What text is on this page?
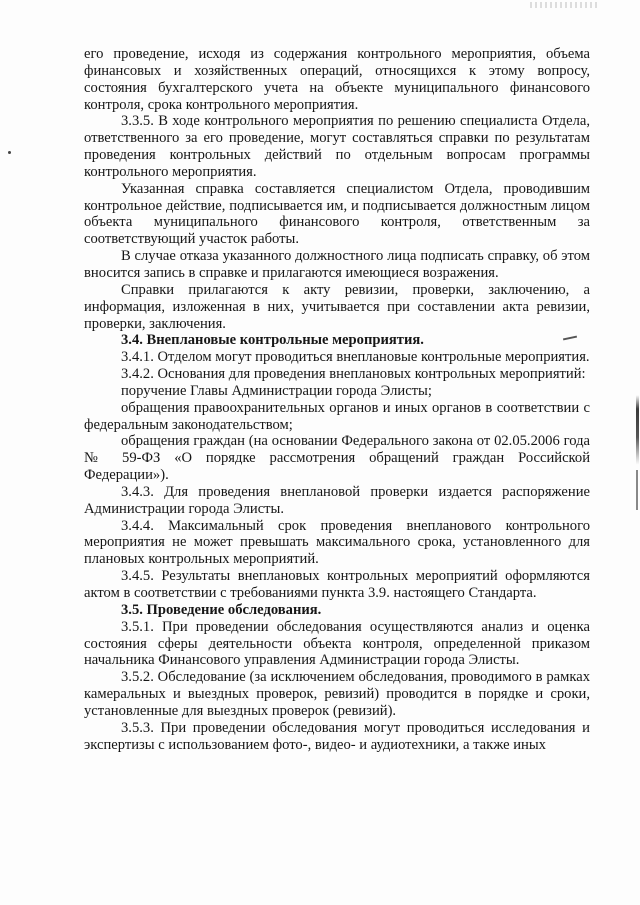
его проведение, исходя из содержания контрольного мероприятия, объема финансовых и хозяйственных операций, относящихся к этому вопросу, состояния бухгалтерского учета на объекте муниципального финансового контроля, срока контрольного мероприятия.

3.3.5. В ходе контрольного мероприятия по решению специалиста Отдела, ответственного за его проведение, могут составляться справки по результатам проведения контрольных действий по отдельным вопросам программы контрольного мероприятия.

Указанная справка составляется специалистом Отдела, проводившим контрольное действие, подписывается им, и подписывается должностным лицом объекта муниципального финансового контроля, ответственным за соответствующий участок работы.

В случае отказа указанного должностного лица подписать справку, об этом вносится запись в справке и прилагаются имеющиеся возражения.

Справки прилагаются к акту ревизии, проверки, заключению, а информация, изложенная в них, учитывается при составлении акта ревизии, проверки, заключения.

3.4. Внеплановые контрольные мероприятия.

3.4.1. Отделом могут проводиться внеплановые контрольные мероприятия.

3.4.2. Основания для проведения внеплановых контрольных мероприятий:

поручение Главы Администрации города Элисты;

обращения правоохранительных органов и иных органов в соответствии с федеральным законодательством;

обращения граждан (на основании Федерального закона от 02.05.2006 года № 59-ФЗ «О порядке рассмотрения обращений граждан Российской Федерации»).

3.4.3. Для проведения внеплановой проверки издается распоряжение Администрации города Элисты.

3.4.4. Максимальный срок проведения внепланового контрольного мероприятия не может превышать максимального срока, установленного для плановых контрольных мероприятий.

3.4.5. Результаты внеплановых контрольных мероприятий оформляются актом в соответствии с требованиями пункта 3.9. настоящего Стандарта.

3.5. Проведение обследования.

3.5.1. При проведении обследования осуществляются анализ и оценка состояния сферы деятельности объекта контроля, определенной приказом начальника Финансового управления Администрации города Элисты.

3.5.2. Обследование (за исключением обследования, проводимого в рамках камеральных и выездных проверок, ревизий) проводится в порядке и сроки, установленные для выездных проверок (ревизий).

3.5.3. При проведении обследования могут проводиться исследования и экспертизы с использованием фото-, видео- и аудиотехники, а также иных
